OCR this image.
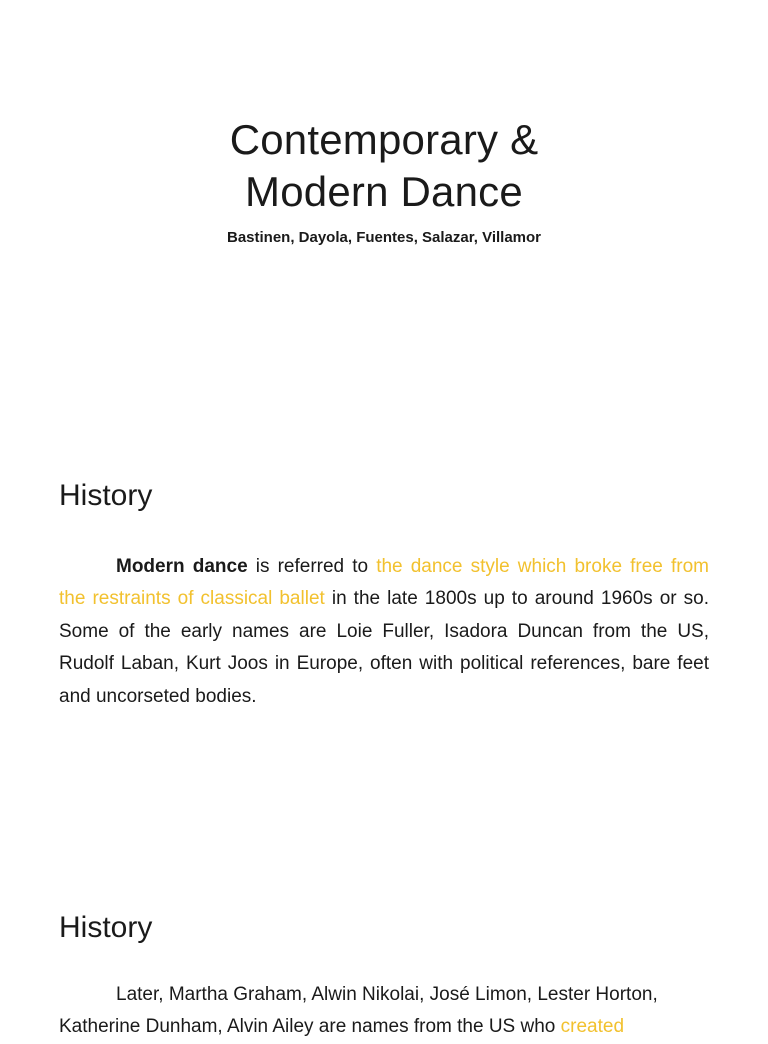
Contemporary &
Modern Dance

Bastinen, Dayola, Fuentes, Salazar, Villamor

History

Modern dance is referred to the dance style which broke free from the restraints of classical ballet in the late 1800s up to around 1960s or so. Some of the early names are Loie Fuller, Isadora Duncan from the US, Rudolf Laban, Kurt Joos in Europe, often with political references, bare feet and uncorseted bodies.

History

Later, Martha Graham, Alwin Nikolai, José Limon, Lester Horton, Katherine Dunham, Alvin Ailey are names from the US who created
